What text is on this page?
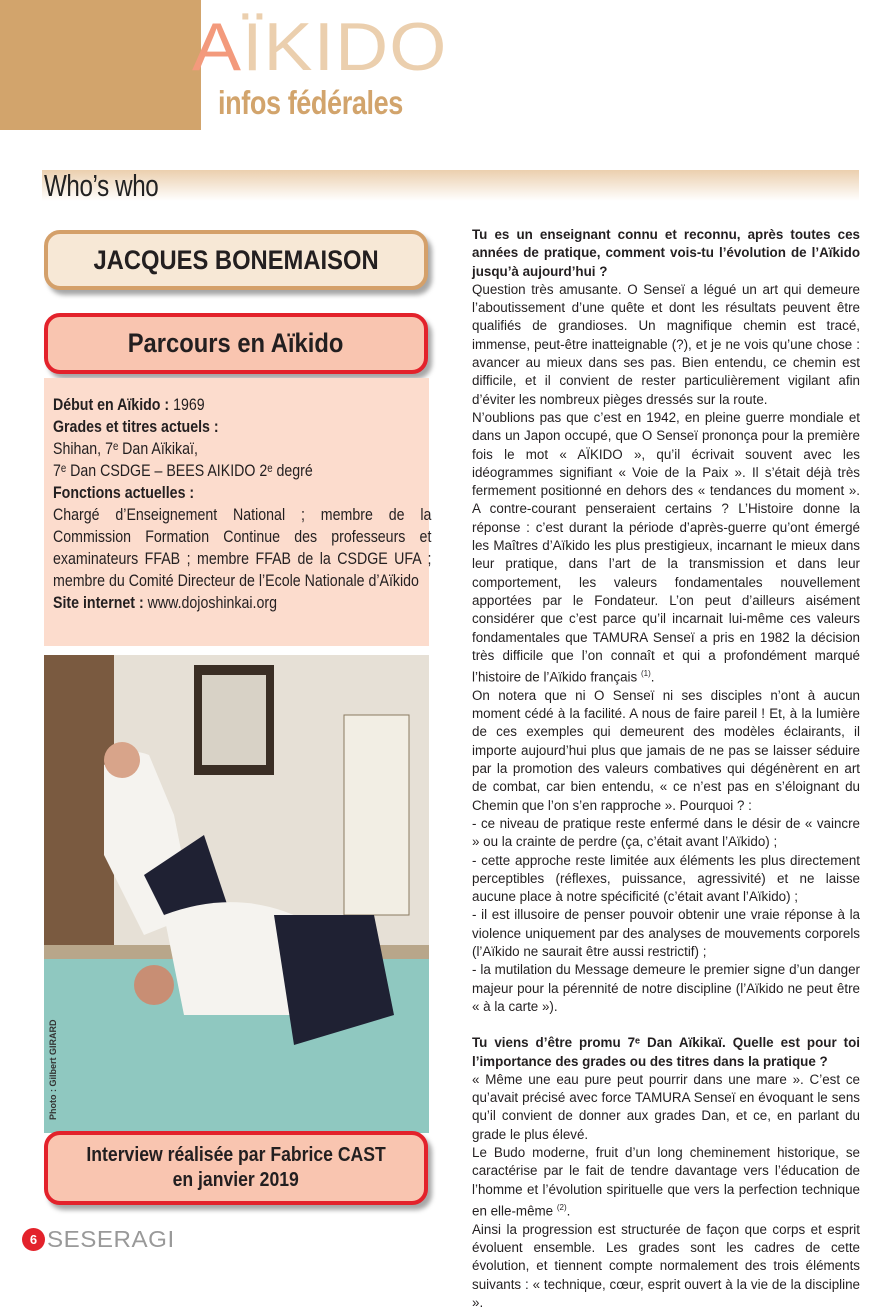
AÏKIDO
infos fédérales
Who’s who
JACQUES BONEMAISON
Parcours en Aïkido

Début en Aïkido : 1969

Grades et titres actuels :

Shihan, 7ᵉ Dan Aïkikaï,

7ᵉ Dan CSDGE – BEES AIKIDO 2ᵉ degré

Fonctions actuelles :

Chargé d’Enseignement National ; membre de la Commission Formation Continue des professeurs et examinateurs FFAB ; membre FFAB de la CSDGE UFA ; membre du Comité Directeur de l’Ecole Nationale d’Aïkido

Site internet : www.dojoshinkai.org

Photo : Gilbert GIRARD
Interview réalisée par Fabrice CAST
en janvier 2019

Tu es un enseignant connu et reconnu, après toutes ces années de pratique, comment vois-tu l’évolution de l’Aïkido jusqu’à aujourd’hui ?

Question très amusante. O Senseï a légué un art qui demeure l’aboutissement d’une quête et dont les résultats peuvent être qualifiés de grandioses. Un magnifique chemin est tracé, immense, peut-être inatteignable (?), et je ne vois qu’une chose : avancer au mieux dans ses pas. Bien entendu, ce chemin est difficile, et il convient de rester particulièrement vigilant afin d’éviter les nombreux pièges dressés sur la route.

N’oublions pas que c’est en 1942, en pleine guerre mondiale et dans un Japon occupé, que O Senseï prononça pour la première fois le mot « AÏKIDO », qu’il écrivait souvent avec les idéogrammes signifiant « Voie de la Paix ». Il s’était déjà très fermement positionné en dehors des « tendances du moment ». A contre-courant penseraient certains ? L’Histoire donne la réponse : c’est durant la période d’après-guerre qu’ont émergé les Maîtres d’Aïkido les plus prestigieux, incarnant le mieux dans leur pratique, dans l’art de la transmission et dans leur comportement, les valeurs fondamentales nouvellement apportées par le Fondateur. L’on peut d’ailleurs aisément considérer que c’est parce qu’il incarnait lui-même ces valeurs fondamentales que TAMURA Senseï a pris en 1982 la décision très difficile que l’on connaît et qui a profondément marqué l’histoire de l’Aïkido français $^{(1)}$.

On notera que ni O Senseï ni ses disciples n’ont à aucun moment cédé à la facilité. A nous de faire pareil ! Et, à la lumière de ces exemples qui demeurent des modèles éclairants, il importe aujourd’hui plus que jamais de ne pas se laisser séduire par la promotion des valeurs combatives qui dégénèrent en art de combat, car bien entendu, « ce n’est pas en s’éloignant du Chemin que l’on s’en rapproche ». Pourquoi ? :

- ce niveau de pratique reste enfermé dans le désir de « vaincre » ou la crainte de perdre (ça, c’était avant l’Aïkido) ;

- cette approche reste limitée aux éléments les plus directement perceptibles (réflexes, puissance, agressivité) et ne laisse aucune place à notre spécificité (c’était avant l’Aïkido) ;

- il est illusoire de penser pouvoir obtenir une vraie réponse à la violence uniquement par des analyses de mouvements corporels (l’Aïkido ne saurait être aussi restrictif) ;

- la mutilation du Message demeure le premier signe d’un danger majeur pour la pérennité de notre discipline (l’Aïkido ne peut être « à la carte »).

Tu viens d’être promu 7ᵉ Dan Aïkikaï. Quelle est pour toi l’importance des grades ou des titres dans la pratique ?

« Même une eau pure peut pourrir dans une mare ». C’est ce qu’avait précisé avec force TAMURA Senseï en évoquant le sens qu’il convient de donner aux grades Dan, et ce, en parlant du grade le plus élevé.

Le Budo moderne, fruit d’un long cheminement historique, se caractérise par le fait de tendre davantage vers l’éducation de l’homme et l’évolution spirituelle que vers la perfection technique en elle-même $^{(2)}$.

Ainsi la progression est structurée de façon que corps et esprit évoluent ensemble. Les grades sont les cadres de cette évolution, et tiennent compte normalement des trois éléments suivants : « technique, cœur, esprit ouvert à la vie de la discipline ».

6 SESERAGI
